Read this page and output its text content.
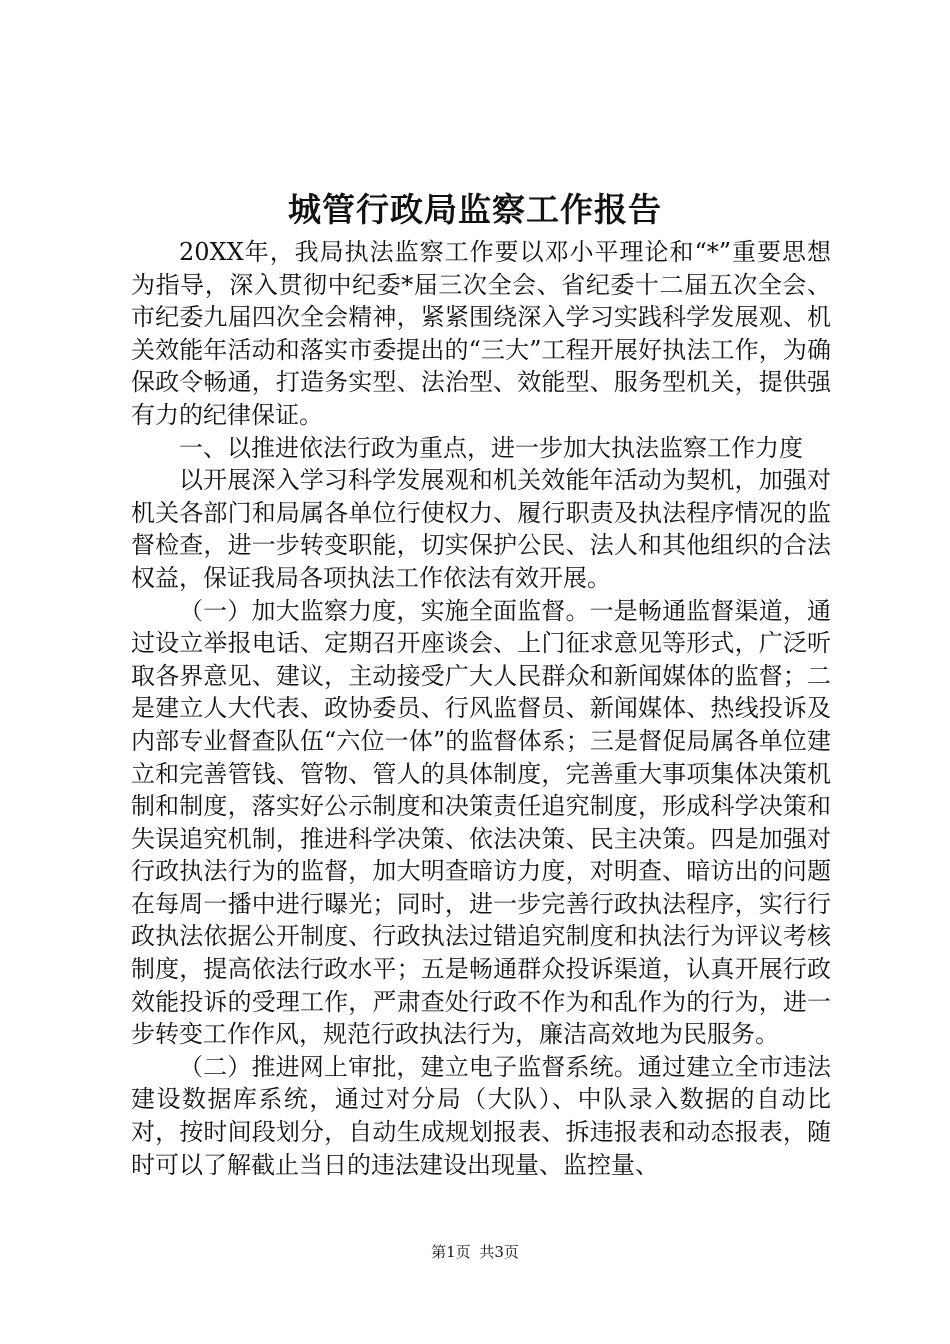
城管行政局监察工作报告

20XX年，我局执法监察工作要以邓小平理论和“*”重要思想为指导，深入贯彻中纪委*届三次全会、省纪委十二届五次全会、市纪委九届四次全会精神，紧紧围绕深入学习实践科学发展观、机关效能年活动和落实市委提出的“三大”工程开展好执法工作，为确保政令畅通，打造务实型、法治型、效能型、服务型机关，提供强有力的纪律保证。

一、以推进依法行政为重点，进一步加大执法监察工作力度

以开展深入学习科学发展观和机关效能年活动为契机，加强对机关各部门和局属各单位行使权力、履行职责及执法程序情况的监督检查，进一步转变职能，切实保护公民、法人和其他组织的合法权益，保证我局各项执法工作依法有效开展。

（一）加大监察力度，实施全面监督。一是畅通监督渠道，通过设立举报电话、定期召开座谈会、上门征求意见等形式，广泛听取各界意见、建议，主动接受广大人民群众和新闻媒体的监督；二是建立人大代表、政协委员、行风监督员、新闻媒体、热线投诉及内部专业督查队伍“六位一体”的监督体系；三是督促局属各单位建立和完善管钱、管物、管人的具体制度，完善重大事项集体决策机制和制度，落实好公示制度和决策责任追究制度，形成科学决策和失误追究机制，推进科学决策、依法决策、民主决策。四是加强对行政执法行为的监督，加大明查暗访力度，对明查、暗访出的问题在每周一播中进行曝光；同时，进一步完善行政执法程序，实行行政执法依据公开制度、行政执法过错追究制度和执法行为评议考核制度，提高依法行政水平；五是畅通群众投诉渠道，认真开展行政效能投诉的受理工作，严肃查处行政不作为和乱作为的行为，进一步转变工作作风，规范行政执法行为，廉洁高效地为民服务。

（二）推进网上审批，建立电子监督系统。通过建立全市违法建设数据库系统，通过对分局（大队）、中队录入数据的自动比对，按时间段划分，自动生成规划报表、拆违报表和动态报表，随时可以了解截止当日的违法建设出现量、监控量、

第1页 共3页
